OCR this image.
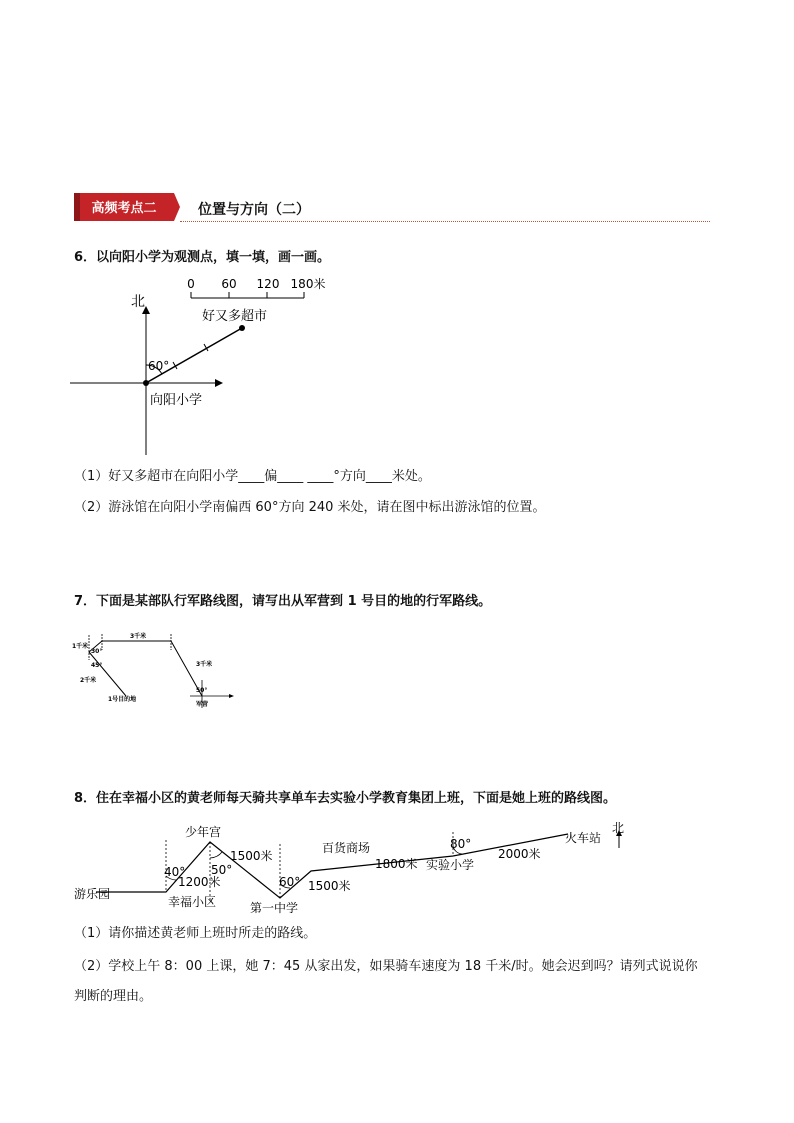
高频考点二	位置与方向（二）
6．以向阳小学为观测点，填一填，画一画。
0 60 120 180米
北
60°
好又多超市
向阳小学
（1）好又多超市在向阳小学____偏____ ____°方向____米处。
（2）游泳馆在向阳小学南偏西 60°方向 240 米处，请在图中标出游泳馆的位置。
7．下面是某部队行军路线图，请写出从军营到 1 号目的地的行军路线。
1千米
30°
45°
2千米
1号目的地
3千米
3千米
50°
军营
8．住在幸福小区的黄老师每天骑共享单车去实验小学教育集团上班，下面是她上班的路线图。
游乐园
幸福小区
40°
1200米
少年宫
50°
1500米
第一中学
60° 1500米
百货商场
1800米 实验小学
80°
2000米
火车站
北
（1）请你描述黄老师上班时所走的路线。
（2）学校上午 8：00 上课，她 7：45 从家出发，如果骑车速度为 18 千米/时。她会迟到吗？请列式说说你
判断的理由。
